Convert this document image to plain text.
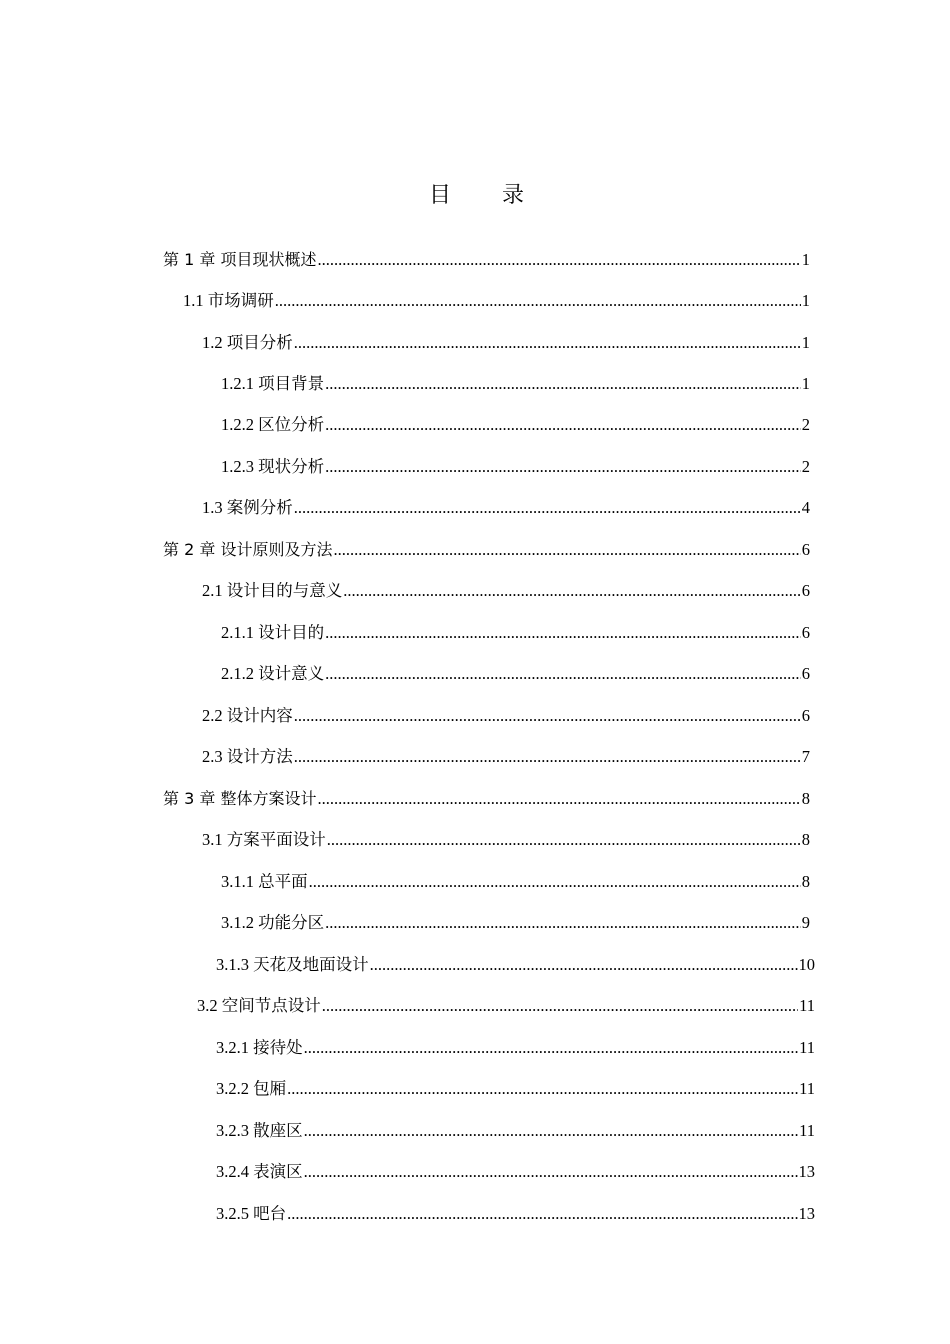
目 录
第 1 章 项目现状概述 .....	1
1.1 市场调研 .....	1
1.2 项目分析 .....	1
1.2.1 项目背景 .....	1
1.2.2 区位分析 .....	2
1.2.3 现状分析 .....	2
1.3 案例分析 .....	4
第 2 章 设计原则及方法 .....	6
2.1 设计目的与意义 .....	6
2.1.1 设计目的 .....	6
2.1.2 设计意义 .....	6
2.2 设计内容 .....	6
2.3 设计方法 .....	7
第 3 章 整体方案设计 .....	8
3.1 方案平面设计 .....	8
3.1.1 总平面 .....	8
3.1.2 功能分区 .....	9
3.1.3 天花及地面设计 .....	10
3.2 空间节点设计 .....	11
3.2.1 接待处 .....	11
3.2.2 包厢 .....	11
3.2.3 散座区 .....	11
3.2.4 表演区 .....	13
3.2.5 吧台 .....	13
